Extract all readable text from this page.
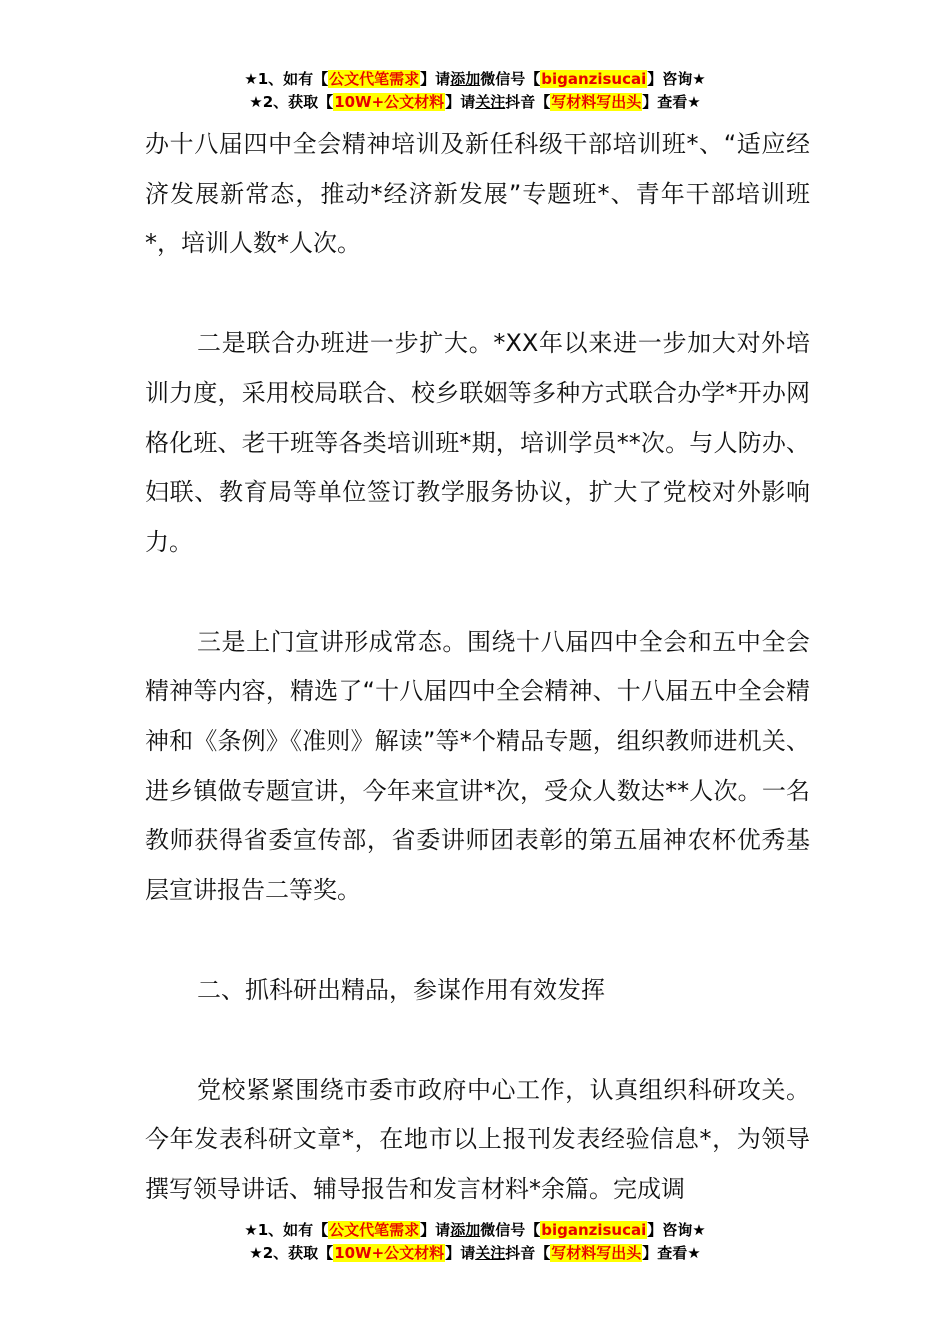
★1、如有【公文代笔需求】请添加微信号【biganzisucai】咨询★
★2、获取【10W+公文材料】请关注抖音【写材料写出头】查看★

办十八届四中全会精神培训及新任科级干部培训班*、“适应经济发展新常态，推动*经济新发展”专题班*、青年干部培训班*，培训人数*人次。

二是联合办班进一步扩大。*XX年以来进一步加大对外培训力度，采用校局联合、校乡联姻等多种方式联合办学*开办网格化班、老干班等各类培训班*期，培训学员**次。与人防办、妇联、教育局等单位签订教学服务协议，扩大了党校对外影响力。

三是上门宣讲形成常态。围绕十八届四中全会和五中全会精神等内容，精选了“十八届四中全会精神、十八届五中全会精神和《条例》《准则》解读”等*个精品专题，组织教师进机关、进乡镇做专题宣讲，今年来宣讲*次，受众人数达**人次。一名教师获得省委宣传部，省委讲师团表彰的第五届神农杯优秀基层宣讲报告二等奖。

二、抓科研出精品，参谋作用有效发挥

党校紧紧围绕市委市政府中心工作，认真组织科研攻关。今年发表科研文章*，在地市以上报刊发表经验信息*，为领导撰写领导讲话、辅导报告和发言材料*余篇。完成调

★1、如有【公文代笔需求】请添加微信号【biganzisucai】咨询★
★2、获取【10W+公文材料】请关注抖音【写材料写出头】查看★
